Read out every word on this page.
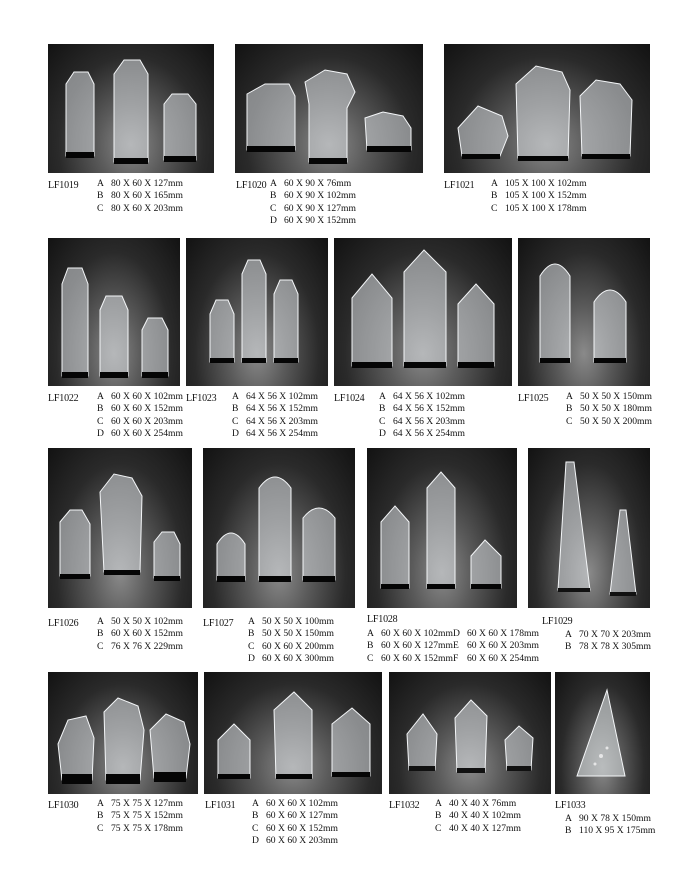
LF1019 A 80 X 60 X 127mm
B 80 X 60 X 165mm
C 80 X 60 X 203mm
LF1020 A 60 X 90 X 76mm
B 60 X 90 X 102mm
C 60 X 90 X 127mm
D 60 X 90 X 152mm
LF1021 A 105 X 100 X 102mm
B 105 X 100 X 152mm
C 105 X 100 X 178mm
LF1022 A 60 X 60 X 102mm
B 60 X 60 X 152mm
C 60 X 60 X 203mm
D 60 X 60 X 254mm
LF1023 A 64 X 56 X 102mm
B 64 X 56 X 152mm
C 64 X 56 X 203mm
D 64 X 56 X 254mm
LF1024 A 64 X 56 X 102mm
B 64 X 56 X 152mm
C 64 X 56 X 203mm
D 64 X 56 X 254mm
LF1025 A 50 X 50 X 150mm
B 50 X 50 X 180mm
C 50 X 50 X 200mm
LF1026 A 50 X 50 X 102mm
B 60 X 60 X 152mm
C 76 X 76 X 229mm
LF1027 A 50 X 50 X 100mm
B 50 X 50 X 150mm
C 60 X 60 X 200mm
D 60 X 60 X 300mm
LF1028
A 60 X 60 X 102mm
B 60 X 60 X 127mm
C 60 X 60 X 152mm
D 60 X 60 X 178mm
E 60 X 60 X 203mm
F 60 X 60 X 254mm
LF1029
A 70 X 70 X 203mm
B 78 X 78 X 305mm
LF1030 A 75 X 75 X 127mm
B 75 X 75 X 152mm
C 75 X 75 X 178mm
LF1031 A 60 X 60 X 102mm
B 60 X 60 X 127mm
C 60 X 60 X 152mm
D 60 X 60 X 203mm
LF1032 A 40 X 40 X 76mm
B 40 X 40 X 102mm
C 40 X 40 X 127mm
LF1033
A 90 X 78 X 150mm
B 110 X 95 X 175mm
